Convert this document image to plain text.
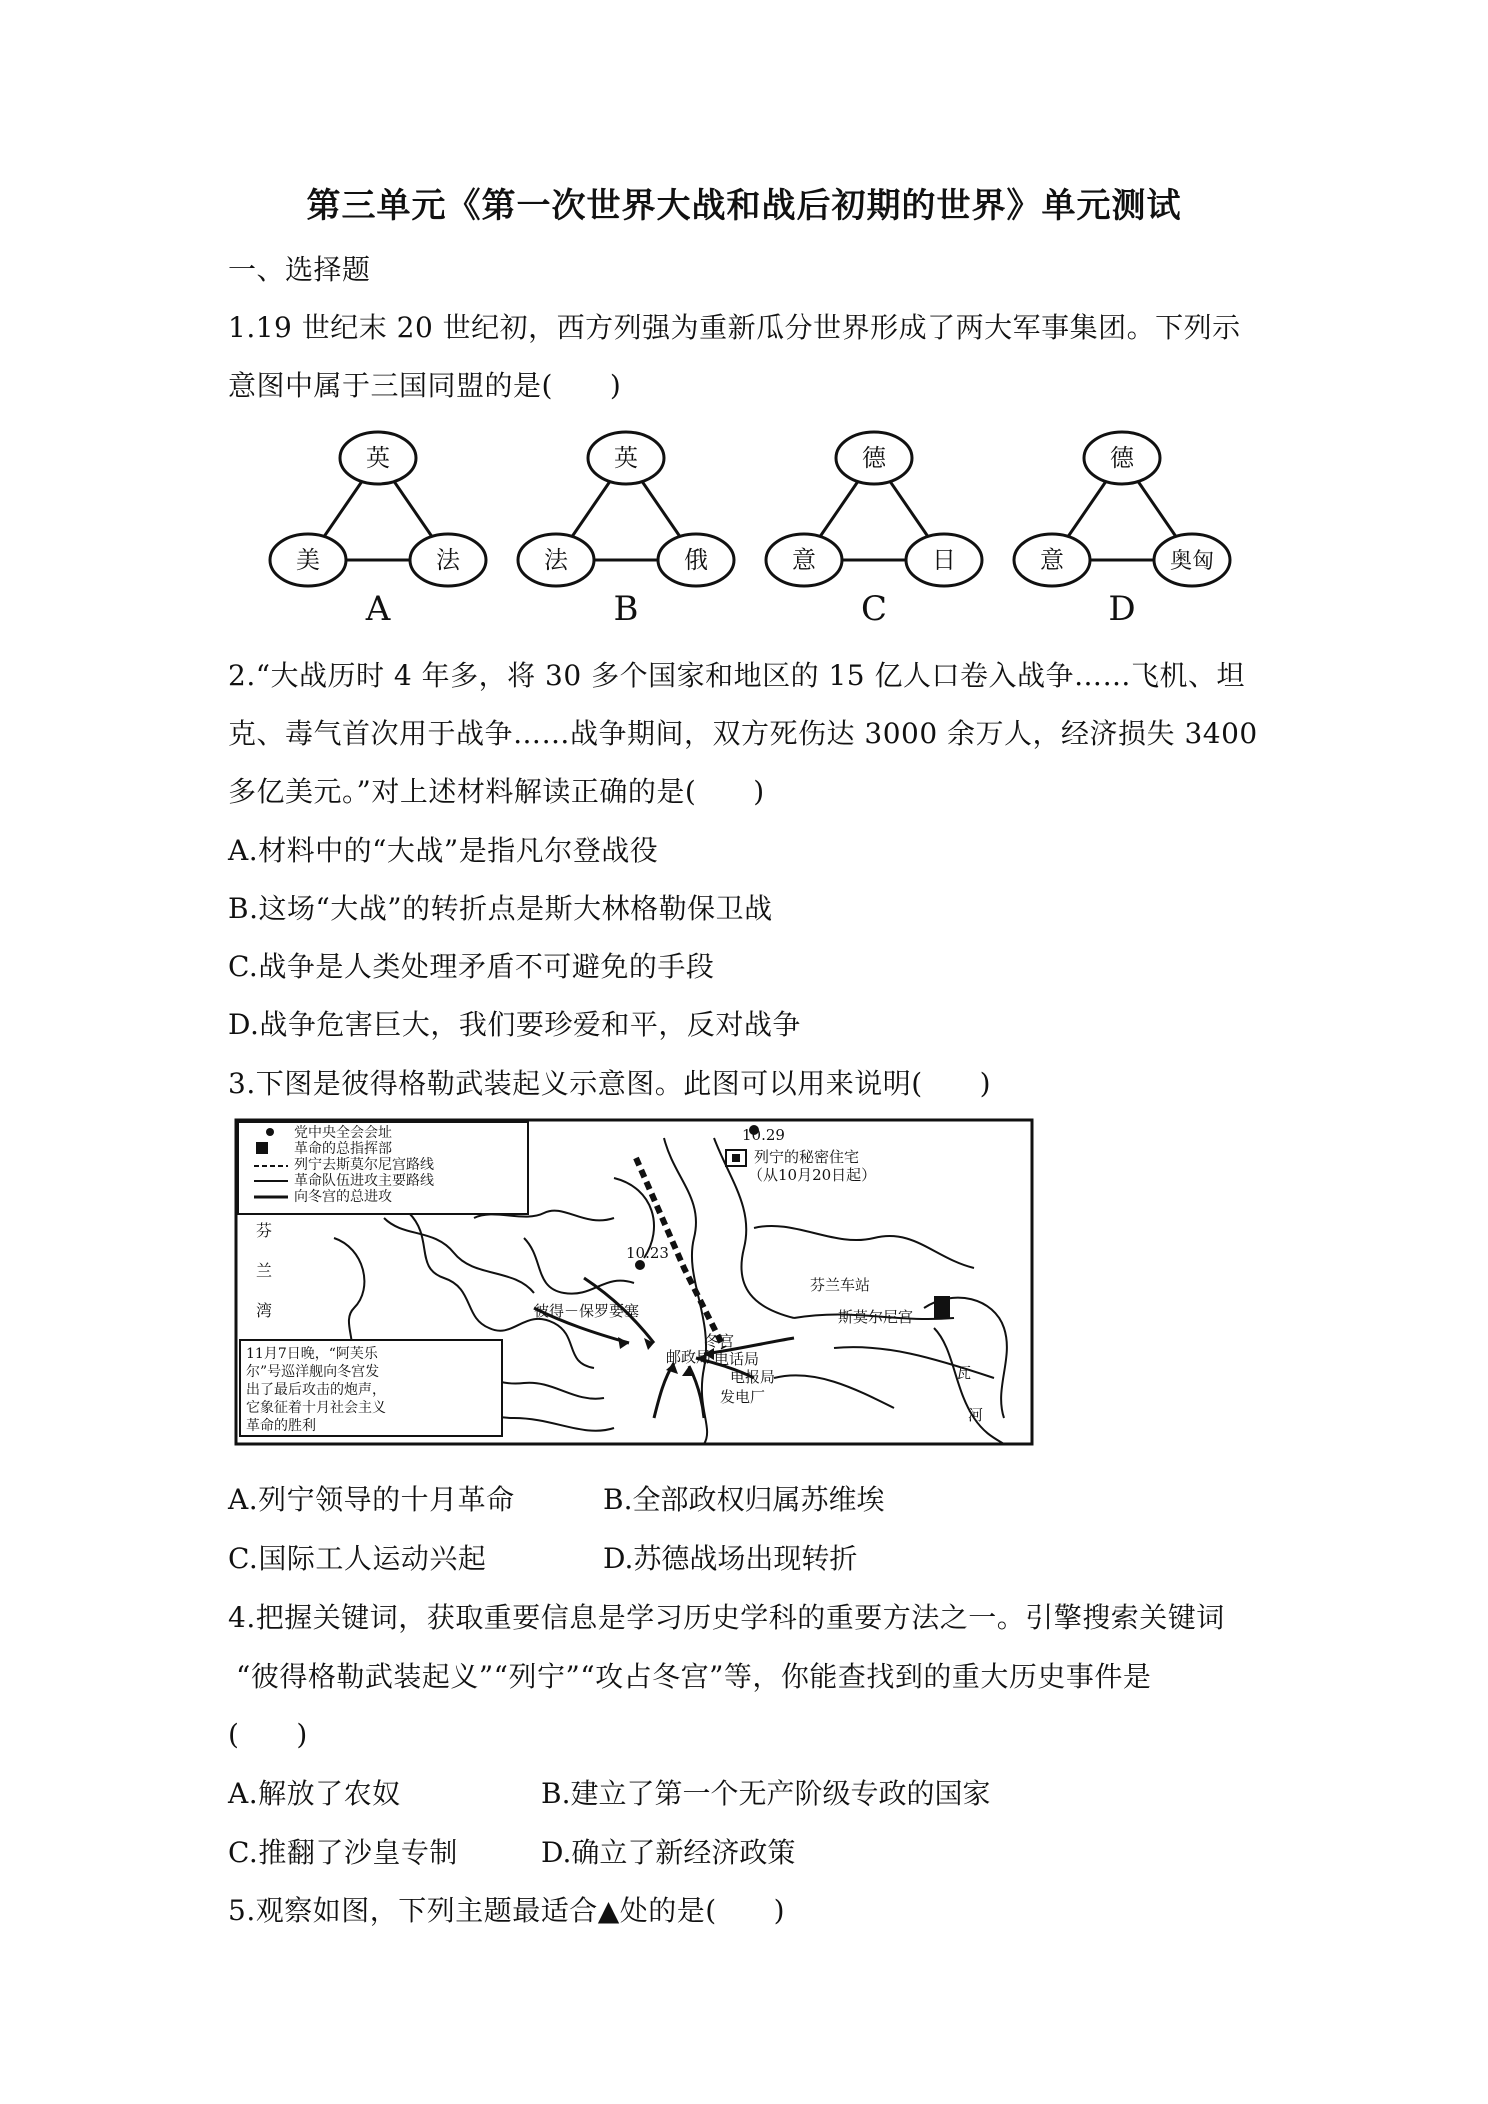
第三单元《第一次世界大战和战后初期的世界》单元测试
一、选择题
1.19 世纪末 20 世纪初，西方列强为重新瓜分世界形成了两大军事集团。下列示
意图中属于三国同盟的是(　　)
英
美	法
英
法	俄
德
意	日
德
意	奥匈
A	B	C	D
2.“大战历时 4 年多，将 30 多个国家和地区的 15 亿人口卷入战争……飞机、坦
克、毒气首次用于战争……战争期间，双方死伤达 3000 余万人，经济损失 3400
多亿美元。”对上述材料解读正确的是(　　)
A.材料中的“大战”是指凡尔登战役
B.这场“大战”的转折点是斯大林格勒保卫战
C.战争是人类处理矛盾不可避免的手段
D.战争危害巨大，我们要珍爱和平，反对战争
3.下图是彼得格勒武装起义示意图。此图可以用来说明(　　)
党中央全会会址
革命的总指挥部
列宁去斯莫尔尼宫路线
革命队伍进攻主要路线
向冬宫的总进攻
10.29
10.23
列宁的秘密住宅
（从10月20日起）
芬
兰
湾	彼得－保罗要塞
芬兰车站
斯莫尔尼宫
冬宫
邮政局 电话局
电报局
发电厂
瓦
河
11月7日晚，“阿芙乐
尔”号巡洋舰向冬宫发
出了最后攻击的炮声，
它象征着十月社会主义
革命的胜利
A.列宁领导的十月革命	B.全部政权归属苏维埃
C.国际工人运动兴起	D.苏德战场出现转折
4.把握关键词，获取重要信息是学习历史学科的重要方法之一。引擎搜索关键词
“彼得格勒武装起义”“列宁”“攻占冬宫”等，你能查找到的重大历史事件是
(　　)
A.解放了农奴	B.建立了第一个无产阶级专政的国家
C.推翻了沙皇专制	D.确立了新经济政策
5.观察如图，下列主题最适合▲处的是(　　)
